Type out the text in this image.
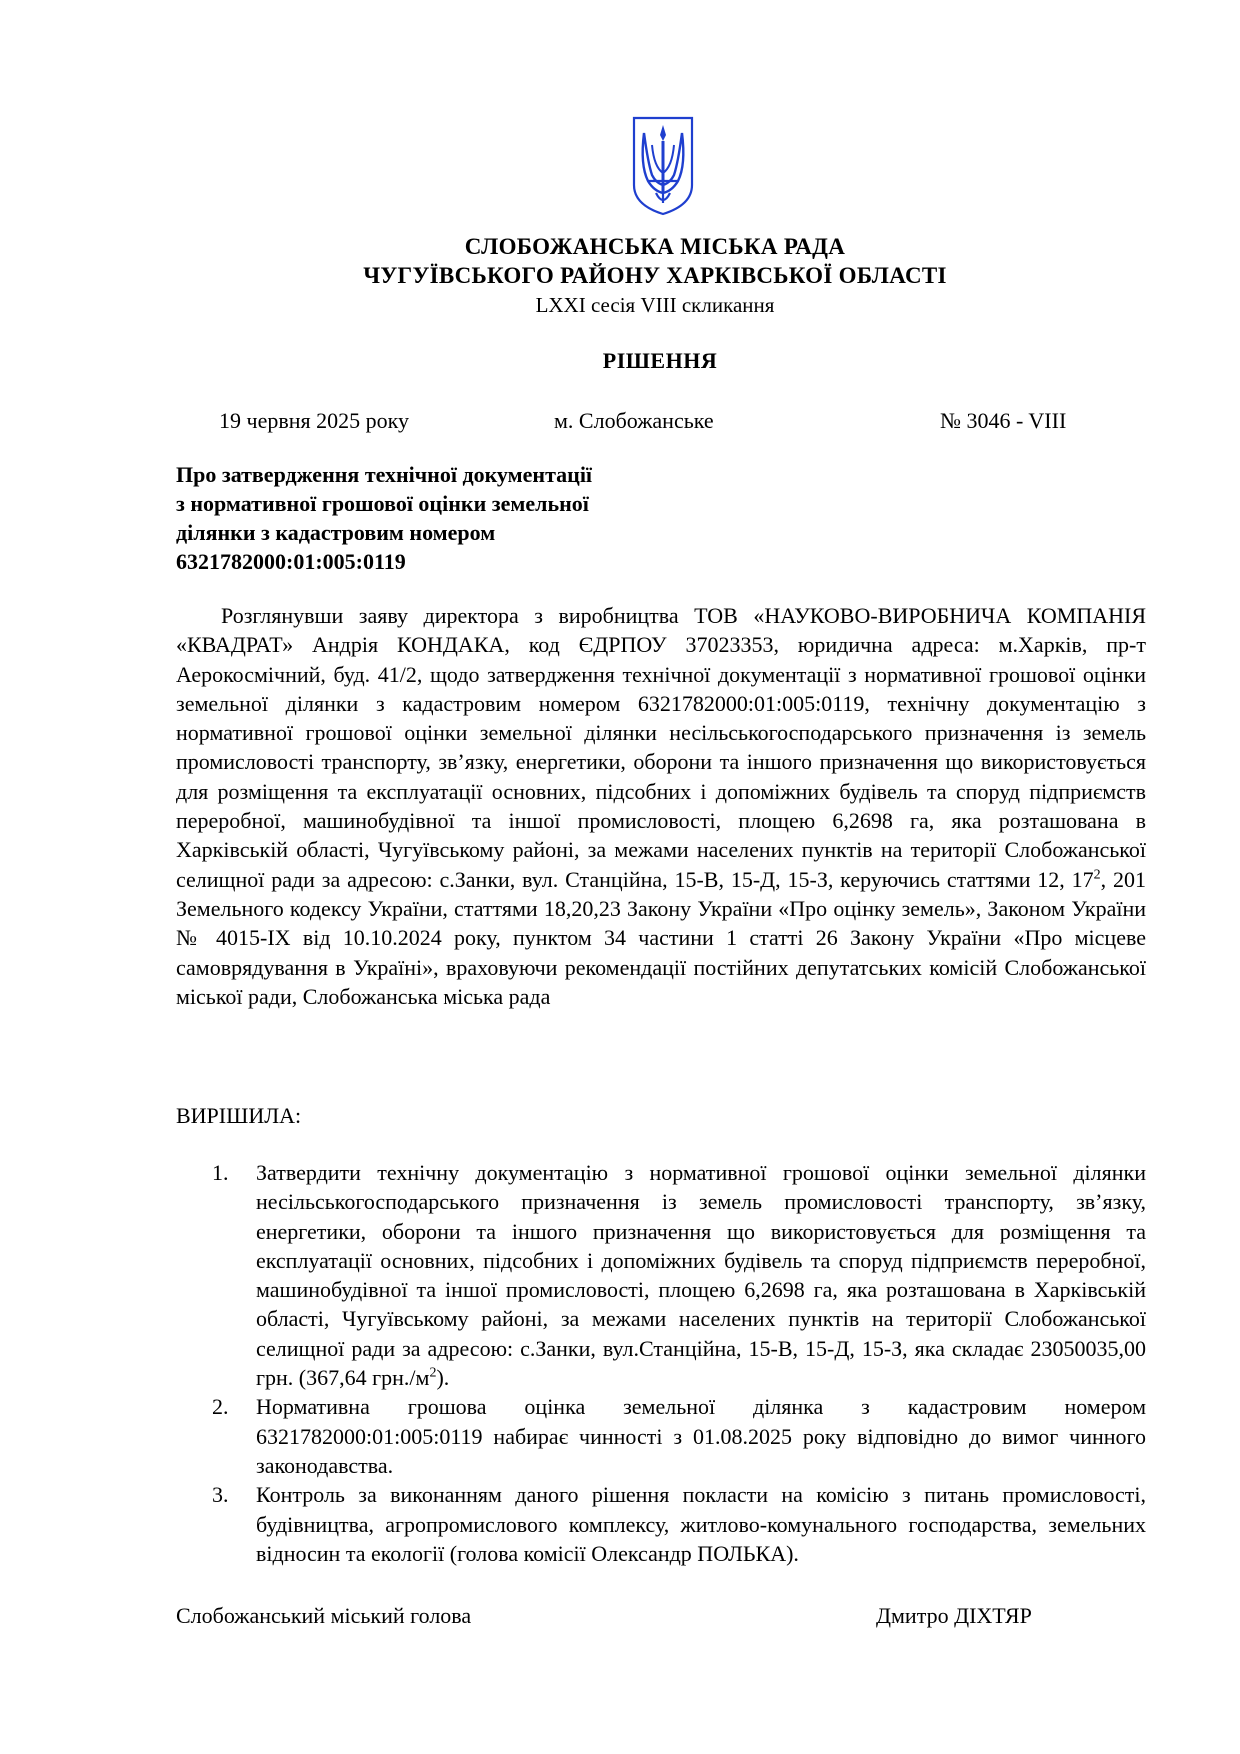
СЛОБОЖАНСЬКА МІСЬКА РАДА
ЧУГУЇВСЬКОГО РАЙОНУ ХАРКІВСЬКОЇ ОБЛАСТІ
LXXI сесія VIII скликання
РІШЕННЯ
19 червня 2025 року	м. Слобожанське	№ 3046 - VIII
Про затвердження технічної документації
з нормативної грошової оцінки земельної
ділянки з кадастровим номером
6321782000:01:005:0119
Розглянувши заяву директора з виробництва ТОВ «НАУКОВО-ВИРОБНИЧА КОМПАНІЯ «КВАДРАТ» Андрія КОНДАКА, код ЄДРПОУ 37023353, юридична адреса: м.Харків, пр-т Аерокосмічний, буд. 41/2, щодо затвердження технічної документації з нормативної грошової оцінки земельної ділянки з кадастровим номером 6321782000:01:005:0119, технічну документацію з нормативної грошової оцінки земельної ділянки несільськогосподарського призначення із земель промисловості транспорту, зв’язку, енергетики, оборони та іншого призначення що використовується для розміщення та експлуатації основних, підсобних і допоміжних будівель та споруд підприємств переробної, машинобудівної та іншої промисловості, площею 6,2698 га, яка розташована в Харківській області, Чугуївському районі, за межами населених пунктів на території Слобожанської селищної ради за адресою: с.Занки, вул. Станційна, 15-В, 15-Д, 15-З, керуючись статтями 12, $17^2$, 201 Земельного кодексу України, статтями 18,20,23 Закону України «Про оцінку земель», Законом України № 4015-IX від 10.10.2024 року, пунктом 34 частини 1 статті 26 Закону України «Про місцеве самоврядування в Україні», враховуючи рекомендації постійних депутатських комісій Слобожанської міської ради, Слобожанська міська рада
ВИРІШИЛА:
1. Затвердити технічну документацію з нормативної грошової оцінки земельної ділянки несільськогосподарського призначення із земель промисловості транспорту, зв’язку, енергетики, оборони та іншого призначення що використовується для розміщення та експлуатації основних, підсобних і допоміжних будівель та споруд підприємств переробної, машинобудівної та іншої промисловості, площею 6,2698 га, яка розташована в Харківській області, Чугуївському районі, за межами населених пунктів на території Слобожанської селищної ради за адресою: с.Занки, вул.Станційна, 15-В, 15-Д, 15-З, яка складає 23050035,00 грн. (367,64 $грн./м^2$).
2. Нормативна грошова оцінка земельної ділянка з кадастровим номером 6321782000:01:005:0119 набирає чинності з 01.08.2025 року відповідно до вимог чинного законодавства.
3. Контроль за виконанням даного рішення покласти на комісію з питань промисловості, будівництва, агропромислового комплексу, житлово-комунального господарства, земельних відносин та екології (голова комісії Олександр ПОЛЬКА).
Слобожанський міський голова	Дмитро ДІХТЯР
